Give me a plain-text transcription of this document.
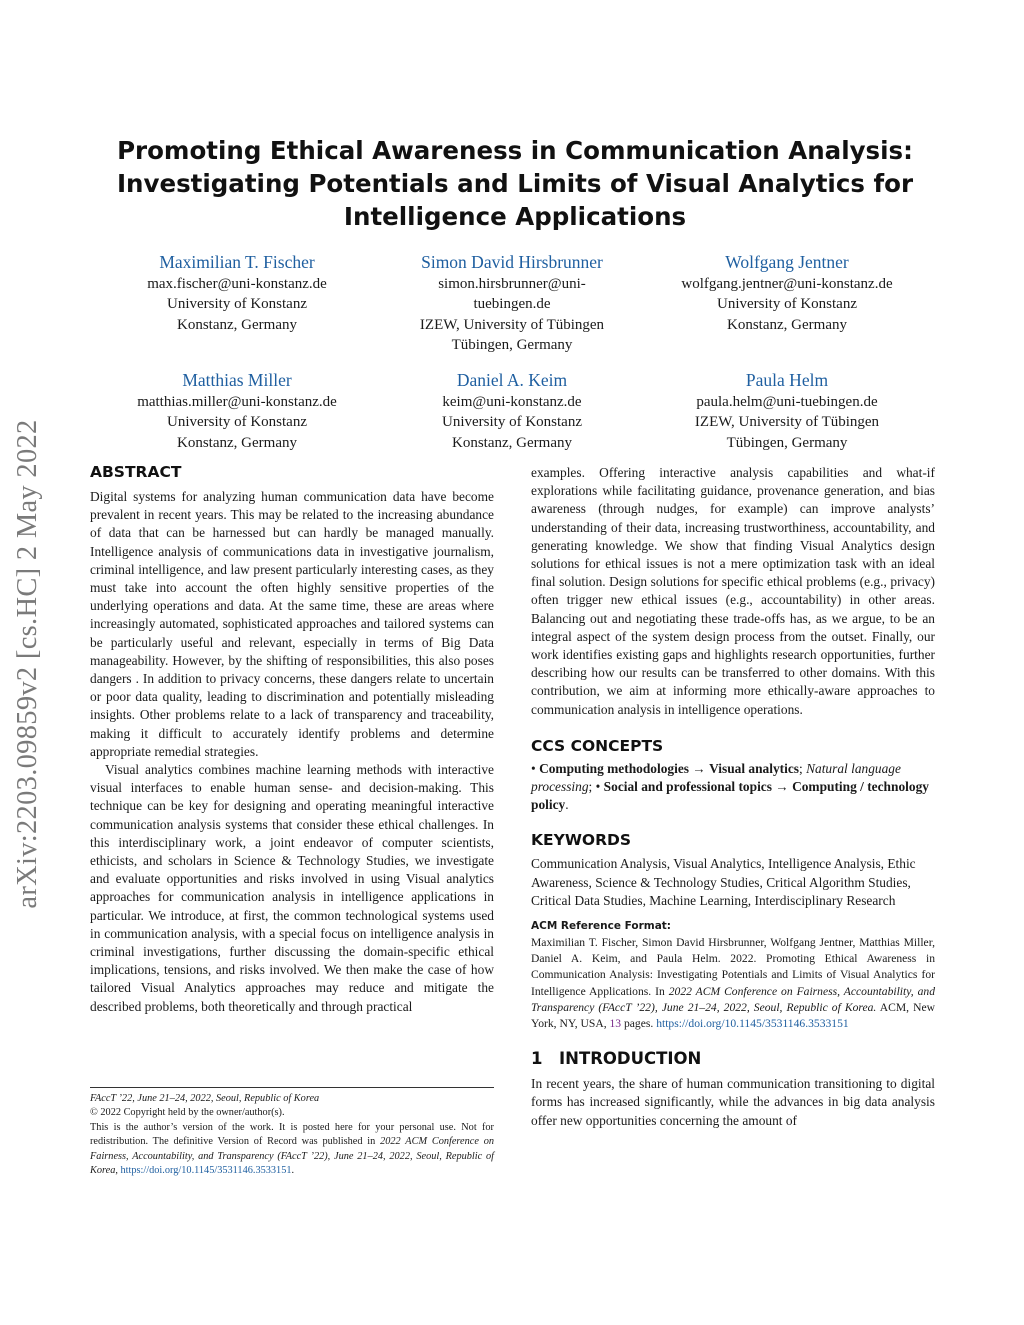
arXiv:2203.09859v2 [cs.HC] 2 May 2022
Promoting Ethical Awareness in Communication Analysis:
Investigating Potentials and Limits of Visual Analytics for
Intelligence Applications
Maximilian T. Fischer
max.fischer@uni-konstanz.de
University of Konstanz
Konstanz, Germany
Simon David Hirsbrunner
simon.hirsbrunner@uni-
tuebingen.de
IZEW, University of Tübingen
Tübingen, Germany
Wolfgang Jentner
wolfgang.jentner@uni-konstanz.de
University of Konstanz
Konstanz, Germany
Matthias Miller
matthias.miller@uni-konstanz.de
University of Konstanz
Konstanz, Germany
Daniel A. Keim
keim@uni-konstanz.de
University of Konstanz
Konstanz, Germany
Paula Helm
paula.helm@uni-tuebingen.de
IZEW, University of Tübingen
Tübingen, Germany
ABSTRACT

Digital systems for analyzing human communication data have become prevalent in recent years. This may be related to the increasing abundance of data that can be harnessed but can hardly be managed manually. Intelligence analysis of communications data in investigative journalism, criminal intelligence, and law present particularly interesting cases, as they must take into account the often highly sensitive properties of the underlying operations and data. At the same time, these are areas where increasingly automated, sophisticated approaches and tailored systems can be particularly useful and relevant, especially in terms of Big Data manageability. However, by the shifting of responsibilities, this also poses dangers . In addition to privacy concerns, these dangers relate to uncertain or poor data quality, leading to discrimination and potentially misleading insights. Other problems relate to a lack of transparency and traceability, making it difficult to accurately identify problems and determine appropriate remedial strategies.

Visual analytics combines machine learning methods with interactive visual interfaces to enable human sense- and decision-making. This technique can be key for designing and operating meaningful interactive communication analysis systems that consider these ethical challenges. In this interdisciplinary work, a joint endeavor of computer scientists, ethicists, and scholars in Science & Technology Studies, we investigate and evaluate opportunities and risks involved in using Visual analytics approaches for communication analysis in intelligence applications in particular. We introduce, at first, the common technological systems used in communication analysis, with a special focus on intelligence analysis in criminal investigations, further discussing the domain-specific ethical implications, tensions, and risks involved. We then make the case of how tailored Visual Analytics approaches may reduce and mitigate the described problems, both theoretically and through practical

FAccT ’22, June 21–24, 2022, Seoul, Republic of Korea

© 2022 Copyright held by the owner/author(s).

This is the author’s version of the work. It is posted here for your personal use. Not for redistribution. The definitive Version of Record was published in 2022 ACM Conference on Fairness, Accountability, and Transparency (FAccT ’22), June 21–24, 2022, Seoul, Republic of Korea, https://doi.org/10.1145/3531146.3533151.

examples. Offering interactive analysis capabilities and what-if explorations while facilitating guidance, provenance generation, and bias awareness (through nudges, for example) can improve analysts’ understanding of their data, increasing trustworthiness, accountability, and generating knowledge. We show that finding Visual Analytics design solutions for ethical issues is not a mere optimization task with an ideal final solution. Design solutions for specific ethical problems (e.g., privacy) often trigger new ethical issues (e.g., accountability) in other areas. Balancing out and negotiating these trade-offs has, as we argue, to be an integral aspect of the system design process from the outset. Finally, our work identifies existing gaps and highlights research opportunities, further describing how our results can be transferred to other domains. With this contribution, we aim at informing more ethically-aware approaches to communication analysis in intelligence operations.

CCS CONCEPTS

• Computing methodologies → Visual analytics; Natural language processing; • Social and professional topics → Computing / technology policy.

KEYWORDS

Communication Analysis, Visual Analytics, Intelligence Analysis, Ethic Awareness, Science & Technology Studies, Critical Algorithm Studies, Critical Data Studies, Machine Learning, Interdisciplinary Research

ACM Reference Format:
Maximilian T. Fischer, Simon David Hirsbrunner, Wolfgang Jentner, Matthias Miller, Daniel A. Keim, and Paula Helm. 2022. Promoting Ethical Awareness in Communication Analysis: Investigating Potentials and Limits of Visual Analytics for Intelligence Applications. In 2022 ACM Conference on Fairness, Accountability, and Transparency (FAccT ’22), June 21–24, 2022, Seoul, Republic of Korea. ACM, New York, NY, USA, 13 pages. https://doi.org/10.1145/3531146.3533151
1 INTRODUCTION

In recent years, the share of human communication transitioning to digital forms has increased significantly, while the advances in big data analysis offer new opportunities concerning the amount of
